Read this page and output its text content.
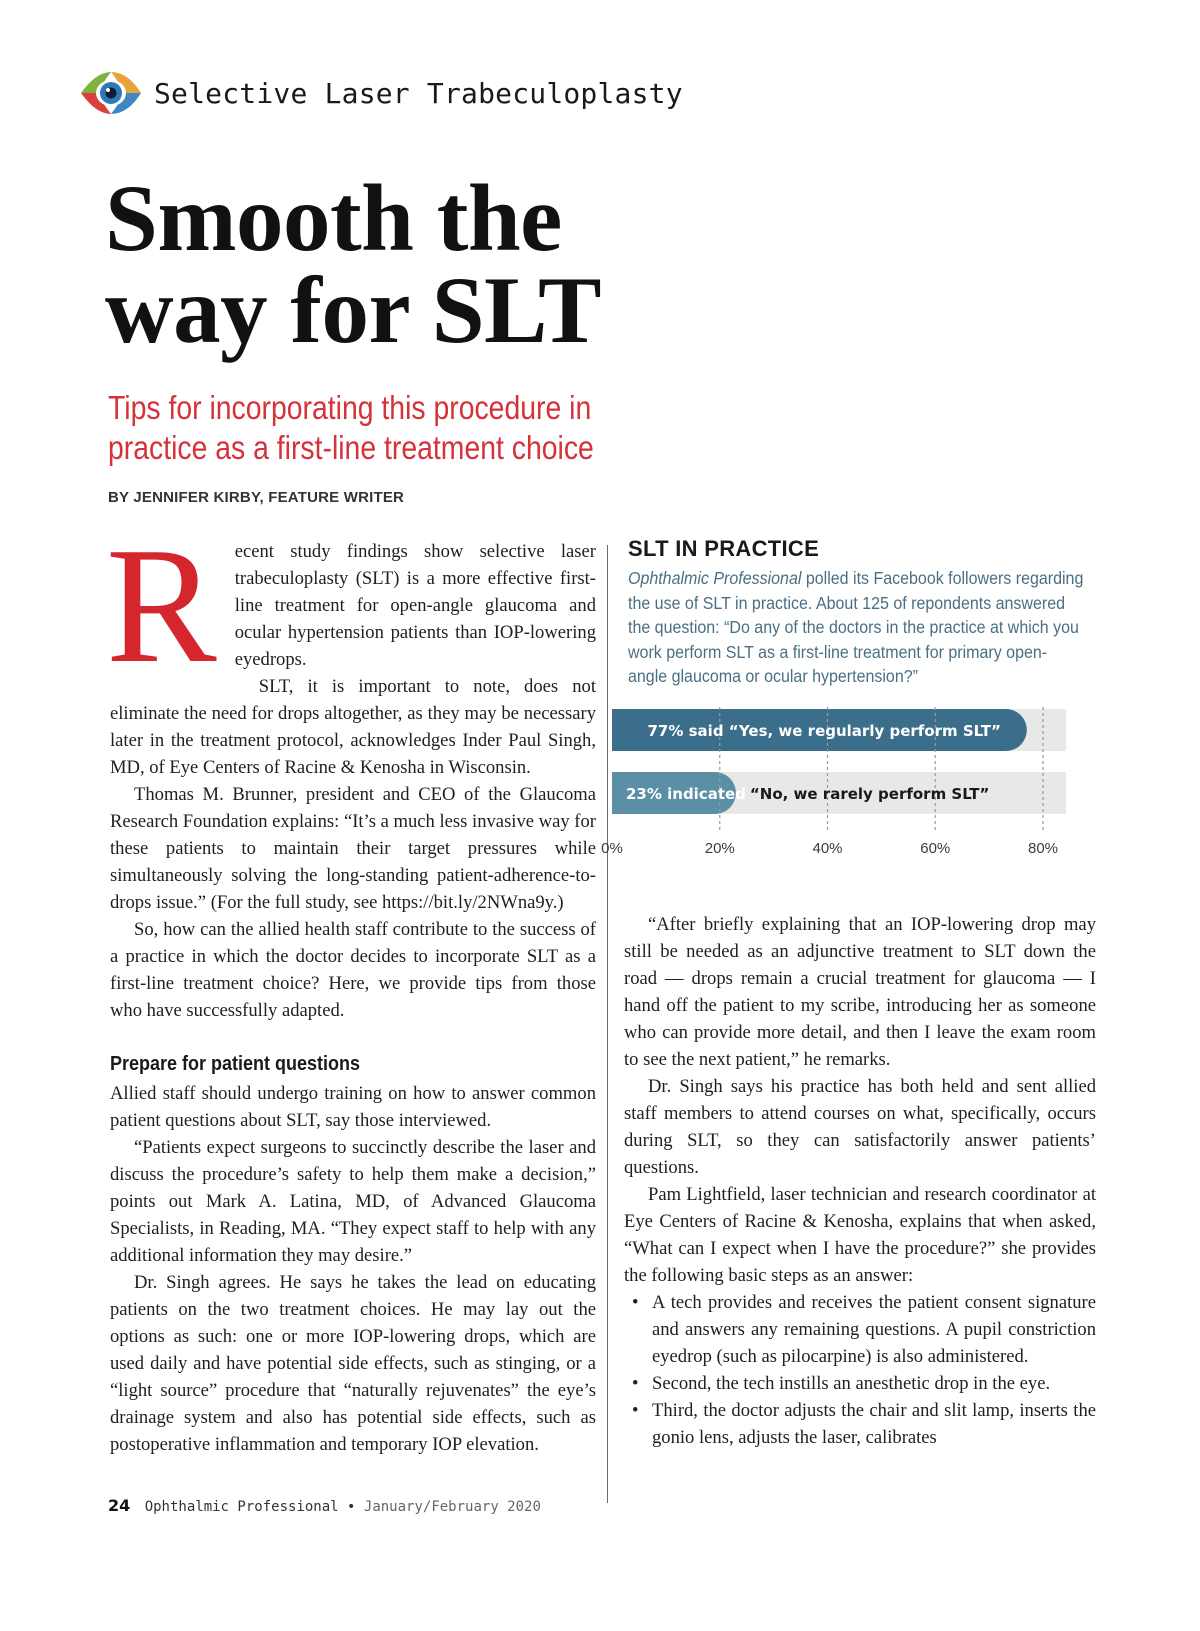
Selective Laser Trabeculoplasty
Smooth the
way for SLT
Tips for incorporating this procedure in
practice as a first-line treatment choice
BY JENNIFER KIRBY, FEATURE WRITER

Recent study findings show selective laser trabeculoplasty (SLT) is a more effective first-line treatment for open-angle glaucoma and ocular hypertension patients than IOP-lowering eyedrops.

SLT, it is important to note, does not eliminate the need for drops altogether, as they may be necessary later in the treatment protocol, acknowledges Inder Paul Singh, MD, of Eye Centers of Racine & Kenosha in Wisconsin.

Thomas M. Brunner, president and CEO of the Glaucoma Research Foundation explains: “It’s a much less invasive way for these patients to maintain their target pressures while simultaneously solving the long-standing patient-adherence-to-drops issue.” (For the full study, see https://bit.ly/2NWna9y.)

So, how can the allied health staff contribute to the success of a practice in which the doctor decides to incorporate SLT as a first-line treatment choice? Here, we provide tips from those who have successfully adapted.

Prepare for patient questions

Allied staff should undergo training on how to answer common patient questions about SLT, say those interviewed.

“Patients expect surgeons to succinctly describe the laser and discuss the procedure’s safety to help them make a decision,” points out Mark A. Latina, MD, of Advanced Glaucoma Specialists, in Reading, MA. “They expect staff to help with any additional information they may desire.”

Dr. Singh agrees. He says he takes the lead on educating patients on the two treatment choices. He may lay out the options as such: one or more IOP-lowering drops, which are used daily and have potential side effects, such as stinging, or a “light source” procedure that “naturally rejuvenates” the eye’s drainage system and also has potential side effects, such as postoperative inflammation and temporary IOP elevation.

SLT IN PRACTICE

Ophthalmic Professional polled its Facebook followers regarding the use of SLT in practice. About 125 of repondents answered the question: “Do any of the doctors in the practice at which you work perform SLT as a first-line treatment for primary open-angle glaucoma or ocular hypertension?”

0%	20%	40%	60%	80%
77% said “Yes, we regularly perform SLT”
23% indicated “No, we rarely perform SLT”

“After briefly explaining that an IOP-lowering drop may still be needed as an adjunctive treatment to SLT down the road — drops remain a crucial treatment for glaucoma — I hand off the patient to my scribe, introducing her as someone who can provide more detail, and then I leave the exam room to see the next patient,” he remarks.

Dr. Singh says his practice has both held and sent allied staff members to attend courses on what, specifically, occurs during SLT, so they can satisfactorily answer patients’ questions.

Pam Lightfield, laser technician and research coordinator at Eye Centers of Racine & Kenosha, explains that when asked, “What can I expect when I have the procedure?” she provides the following basic steps as an answer:

• A tech provides and receives the patient consent signature and answers any remaining questions. A pupil constriction eyedrop (such as pilocarpine) is also administered.
• Second, the tech instills an anesthetic drop in the eye.
• Third, the doctor adjusts the chair and slit lamp, inserts the gonio lens, adjusts the laser, calibrates
24 Ophthalmic Professional • January/February 2020
